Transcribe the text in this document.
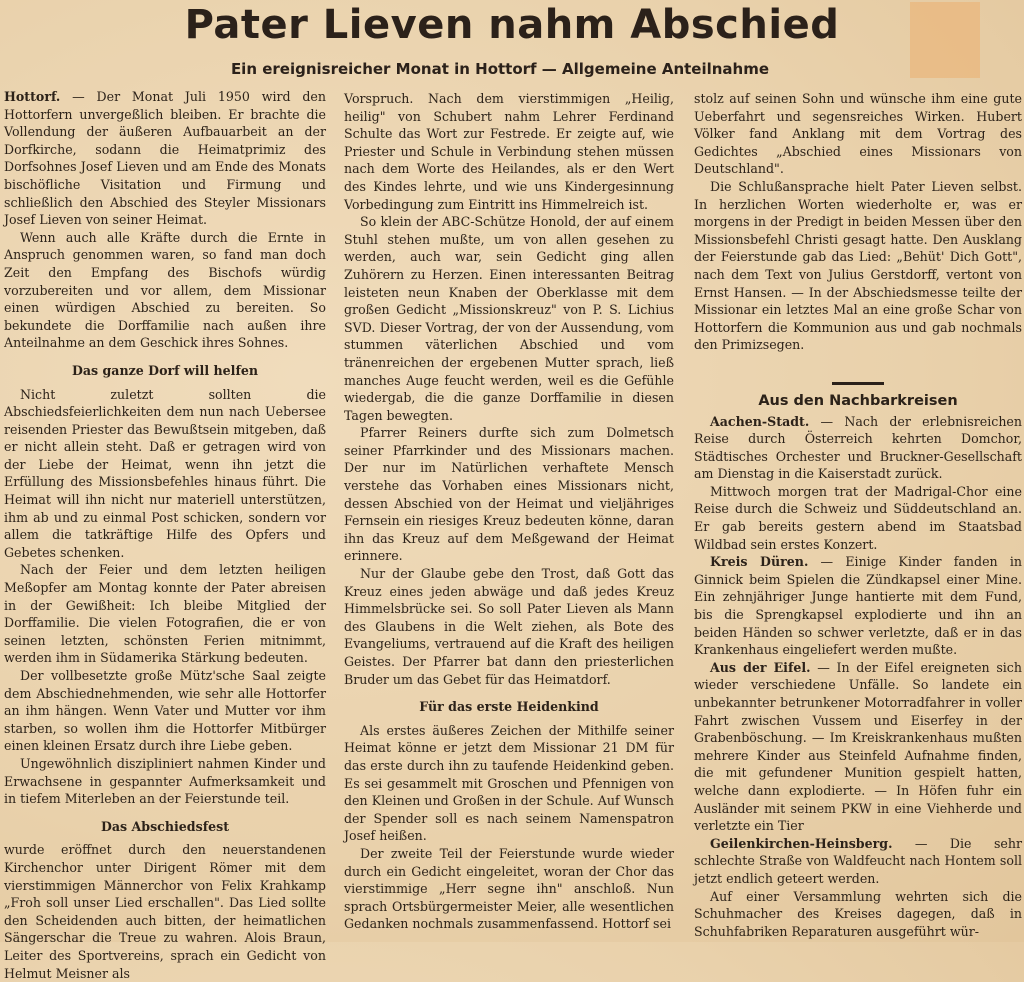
Pater Lieven nahm Abschied
Ein ereignisreicher Monat in Hottorf — Allgemeine Anteilnahme

Hottorf. — Der Monat Juli 1950 wird den Hottorfern unvergeßlich bleiben. Er brachte die Vollendung der äußeren Aufbauarbeit an der Dorfkirche, sodann die Heimatprimiz des Dorfsohnes Josef Lieven und am Ende des Monats bischöfliche Visitation und Firmung und schließlich den Abschied des Steyler Missionars Josef Lieven von seiner Heimat.

Wenn auch alle Kräfte durch die Ernte in Anspruch genommen waren, so fand man doch Zeit den Empfang des Bischofs würdig vorzubereiten und vor allem, dem Missionar einen würdigen Abschied zu bereiten. So bekundete die Dorffamilie nach außen ihre Anteilnahme an dem Geschick ihres Sohnes.

Das ganze Dorf will helfen

Nicht zuletzt sollten die Abschiedsfeierlichkeiten dem nun nach Uebersee reisenden Priester das Bewußtsein mitgeben, daß er nicht allein steht. Daß er getragen wird von der Liebe der Heimat, wenn ihn jetzt die Erfüllung des Missionsbefehles hinaus führt. Die Heimat will ihn nicht nur materiell unterstützen, ihm ab und zu einmal Post schicken, sondern vor allem die tatkräftige Hilfe des Opfers und Gebetes schenken.

Nach der Feier und dem letzten heiligen Meßopfer am Montag konnte der Pater abreisen in der Gewißheit: Ich bleibe Mitglied der Dorffamilie. Die vielen Fotografien, die er von seinen letzten, schönsten Ferien mitnimmt, werden ihm in Südamerika Stärkung bedeuten.

Der vollbesetzte große Mütz'sche Saal zeigte dem Abschiednehmenden, wie sehr alle Hottorfer an ihm hängen. Wenn Vater und Mutter vor ihm starben, so wollen ihm die Hottorfer Mitbürger einen kleinen Ersatz durch ihre Liebe geben.

Ungewöhnlich diszipliniert nahmen Kinder und Erwachsene in gespannter Aufmerksamkeit und in tiefem Miterleben an der Feierstunde teil.

Das Abschiedsfest

wurde eröffnet durch den neuerstandenen Kirchenchor unter Dirigent Römer mit dem vierstimmigen Männerchor von Felix Krahkamp „Froh soll unser Lied erschallen". Das Lied sollte den Scheidenden auch bitten, der heimatlichen Sängerschar die Treue zu wahren. Alois Braun, Leiter des Sportvereins, sprach ein Gedicht von Helmut Meisner als

Vorspruch. Nach dem vierstimmigen „Heilig, heilig" von Schubert nahm Lehrer Ferdinand Schulte das Wort zur Festrede. Er zeigte auf, wie Priester und Schule in Verbindung stehen müssen nach dem Worte des Heilandes, als er den Wert des Kindes lehrte, und wie uns Kindergesinnung Vorbedingung zum Eintritt ins Himmelreich ist.

So klein der ABC-Schütze Honold, der auf einem Stuhl stehen mußte, um von allen gesehen zu werden, auch war, sein Gedicht ging allen Zuhörern zu Herzen. Einen interessanten Beitrag leisteten neun Knaben der Oberklasse mit dem großen Gedicht „Missionskreuz" von P. S. Lichius SVD. Dieser Vortrag, der von der Aussendung, vom stummen väterlichen Abschied und vom tränenreichen der ergebenen Mutter sprach, ließ manches Auge feucht werden, weil es die Gefühle wiedergab, die die ganze Dorffamilie in diesen Tagen bewegten.

Pfarrer Reiners durfte sich zum Dolmetsch seiner Pfarrkinder und des Missionars machen. Der nur im Natürlichen verhaftete Mensch verstehe das Vorhaben eines Missionars nicht, dessen Abschied von der Heimat und vieljähriges Fernsein ein riesiges Kreuz bedeuten könne, daran ihn das Kreuz auf dem Meßgewand der Heimat erinnere.

Nur der Glaube gebe den Trost, daß Gott das Kreuz eines jeden abwäge und daß jedes Kreuz Himmelsbrücke sei. So soll Pater Lieven als Mann des Glaubens in die Welt ziehen, als Bote des Evangeliums, vertrauend auf die Kraft des heiligen Geistes. Der Pfarrer bat dann den priesterlichen Bruder um das Gebet für das Heimatdorf.

Für das erste Heidenkind

Als erstes äußeres Zeichen der Mithilfe seiner Heimat könne er jetzt dem Missionar 21 DM für das erste durch ihn zu taufende Heidenkind geben. Es sei gesammelt mit Groschen und Pfennigen von den Kleinen und Großen in der Schule. Auf Wunsch der Spender soll es nach seinem Namenspatron Josef heißen.

Der zweite Teil der Feierstunde wurde wieder durch ein Gedicht eingeleitet, woran der Chor das vierstimmige „Herr segne ihn" anschloß. Nun sprach Ortsbürgermeister Meier, alle wesentlichen Gedanken nochmals zusammenfassend. Hottorf sei

stolz auf seinen Sohn und wünsche ihm eine gute Ueberfahrt und segensreiches Wirken. Hubert Völker fand Anklang mit dem Vortrag des Gedichtes „Abschied eines Missionars von Deutschland".

Die Schlußansprache hielt Pater Lieven selbst. In herzlichen Worten wiederholte er, was er morgens in der Predigt in beiden Messen über den Missionsbefehl Christi gesagt hatte. Den Ausklang der Feierstunde gab das Lied: „Behüt' Dich Gott", nach dem Text von Julius Gerstdorff, vertont von Ernst Hansen. — In der Abschiedsmesse teilte der Missionar ein letztes Mal an eine große Schar von Hottorfern die Kommunion aus und gab nochmals den Primizsegen.

Aus den Nachbarkreisen

Aachen-Stadt. — Nach der erlebnisreichen Reise durch Österreich kehrten Domchor, Städtisches Orchester und Bruckner-Gesellschaft am Dienstag in die Kaiserstadt zurück.

Mittwoch morgen trat der Madrigal-Chor eine Reise durch die Schweiz und Süddeutschland an. Er gab bereits gestern abend im Staatsbad Wildbad sein erstes Konzert.

Kreis Düren. — Einige Kinder fanden in Ginnick beim Spielen die Zündkapsel einer Mine. Ein zehnjähriger Junge hantierte mit dem Fund, bis die Sprengkapsel explodierte und ihn an beiden Händen so schwer verletzte, daß er in das Krankenhaus eingeliefert werden mußte.

Aus der Eifel. — In der Eifel ereigneten sich wieder verschiedene Unfälle. So landete ein unbekannter betrunkener Motorradfahrer in voller Fahrt zwischen Vussem und Eiserfey in der Grabenböschung. — Im Kreiskrankenhaus mußten mehrere Kinder aus Steinfeld Aufnahme finden, die mit gefundener Munition gespielt hatten, welche dann explodierte. — In Höfen fuhr ein Ausländer mit seinem PKW in eine Viehherde und verletzte ein Tier

Geilenkirchen-Heinsberg. — Die sehr schlechte Straße von Waldfeucht nach Hontem soll jetzt endlich geteert werden.

Auf einer Versammlung wehrten sich die Schuhmacher des Kreises dagegen, daß in Schuhfabriken Reparaturen ausgeführt wür-
